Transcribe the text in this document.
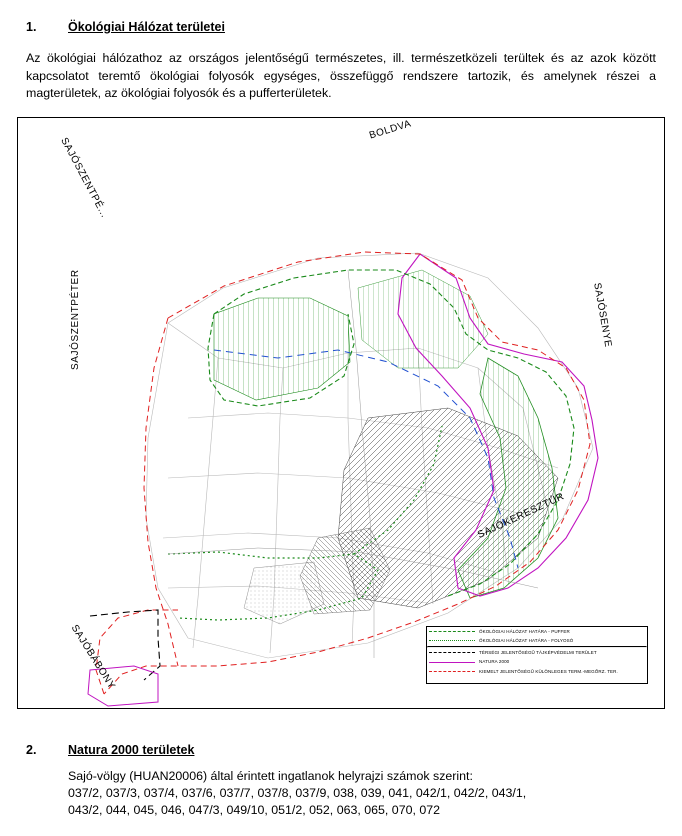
1.	Ökológiai Hálózat területei
Az ökológiai hálózathoz az országos jelentőségű természetes, ill. természetközeli terültek és az azok között kapcsolatot teremtő ökológiai folyosók egységes, összefüggő rendszere tartozik, és amelynek részei a magterületek, az ökológiai folyosók és a pufferterületek.
SAJÓSZENTPÉ...
BOLDVA
SAJÓSENYE
SAJÓSZENTPÉTER
SAJÓKERESZTÚR
SAJÓBÁBONY	ÖKOLÓGIAI HÁLÓZAT HATÁRA - PUFFER
ÖKOLÓGIAI HÁLÓZAT HATÁRA - FOLYOSÓ
TÉRSÉGI JELENTŐSÉGŰ TÁJKÉPVÉDELMI TERÜLET
NATURA 2000
KIEMELT JELENTŐSÉGŰ KÜLÖNLEGES TERM.-MEGŐRZ. TER.
2.	Natura 2000 területek
Sajó-völgy (HUAN20006) által érintett ingatlanok helyrajzi számok szerint:
037/2, 037/3, 037/4, 037/6, 037/7, 037/8, 037/9, 038, 039, 041, 042/1, 042/2, 043/1,
043/2, 044, 045, 046, 047/3, 049/10, 051/2, 052, 063, 065, 070, 072
